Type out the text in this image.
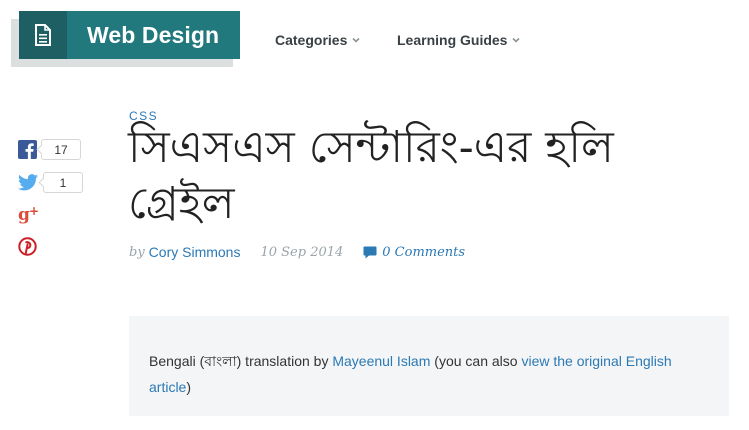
Web Design	Categories	Learning Guides
17
1
g +
CSS
সিএসএস সেন্টারিং-এর হলি গ্রেইল
by Cory Simmons 10 Sep 2014	0 Comments
Bengali (বাংলা) translation by Mayeenul Islam (you can also view the original English article)
